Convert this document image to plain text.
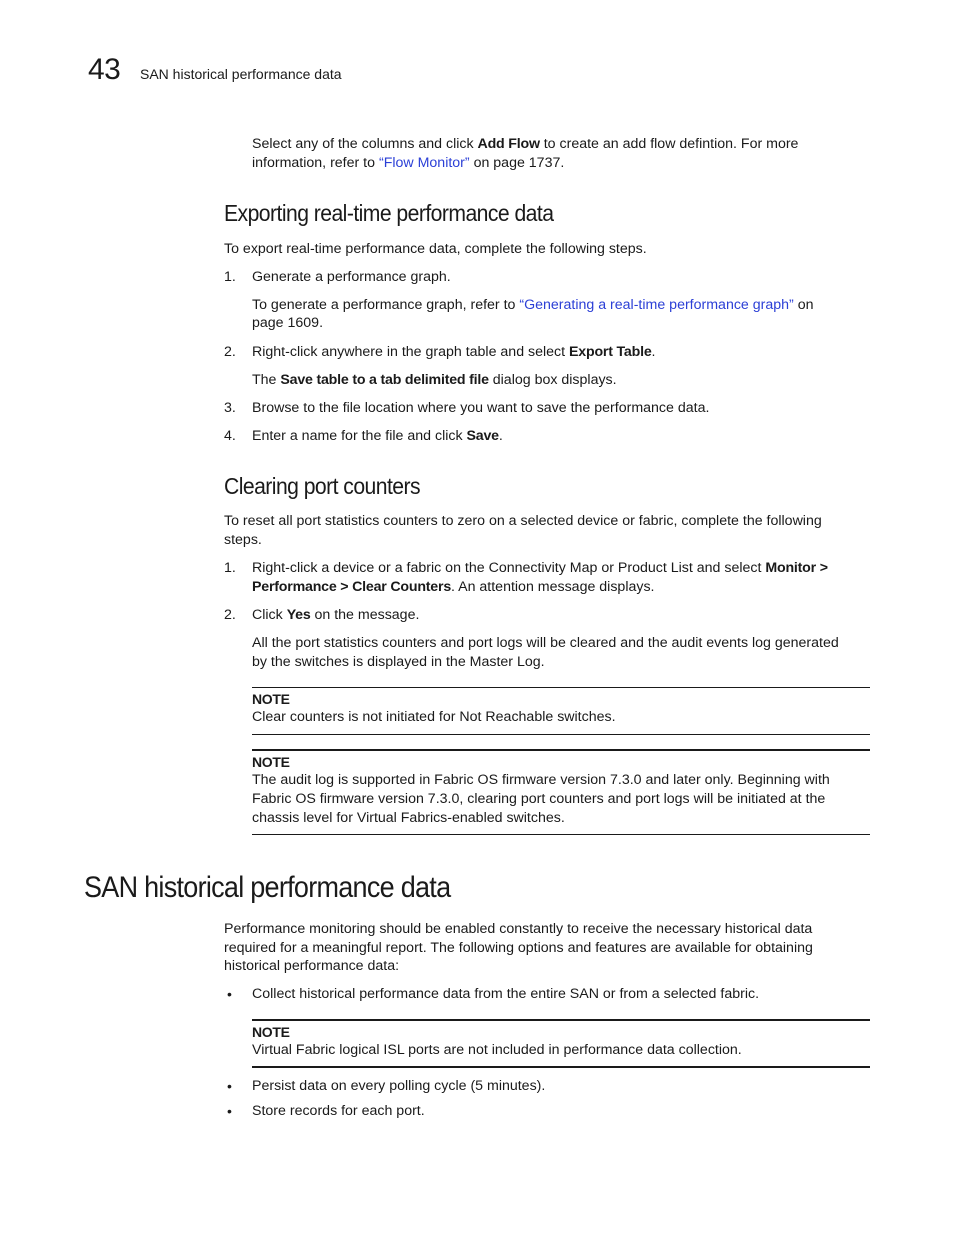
43 SAN historical performance data

Select any of the columns and click Add Flow to create an add flow defintion. For more

information, refer to “Flow Monitor” on page 1737.

Exporting real-time performance data

To export real-time performance data, complete the following steps.

1. Generate a performance graph.

To generate a performance graph, refer to “Generating a real-time performance graph” on

page 1609.

2. Right-click anywhere in the graph table and select Export Table.

The Save table to a tab delimited file dialog box displays.

3. Browse to the file location where you want to save the performance data.

4. Enter a name for the file and click Save.

Clearing port counters

To reset all port statistics counters to zero on a selected device or fabric, complete the following

steps.

1. Right-click a device or a fabric on the Connectivity Map or Product List and select Monitor >

Performance > Clear Counters. An attention message displays.

2. Click Yes on the message.

All the port statistics counters and port logs will be cleared and the audit events log generated

by the switches is displayed in the Master Log.

NOTE
Clear counters is not initiated for Not Reachable switches.
NOTE
The audit log is supported in Fabric OS firmware version 7.3.0 and later only. Beginning with
Fabric OS firmware version 7.3.0, clearing port counters and port logs will be initiated at the
chassis level for Virtual Fabrics-enabled switches.
SAN historical performance data

Performance monitoring should be enabled constantly to receive the necessary historical data

required for a meaningful report. The following options and features are available for obtaining

historical performance data:

• Collect historical performance data from the entire SAN or from a selected fabric.

NOTE
Virtual Fabric logical ISL ports are not included in performance data collection.
• Persist data on every polling cycle (5 minutes).

• Store records for each port.
